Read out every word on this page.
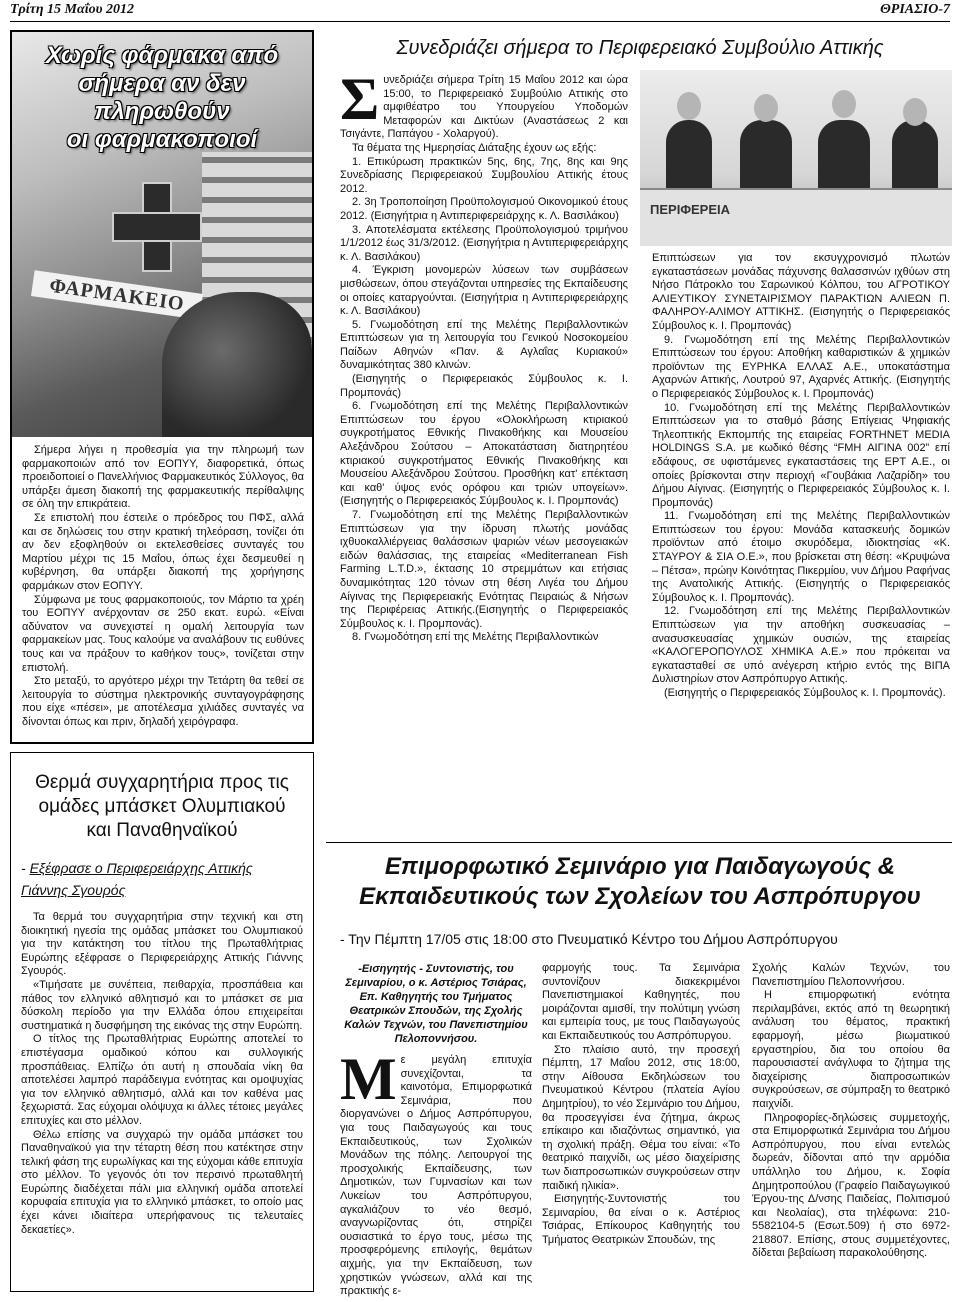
Τρίτη 15 Μαΐου 2012	ΘΡΙΑΣΙΟ-7
ΦΑΡΜΑΚΕΙΟ
Χωρίς φάρμακα από
σήμερα αν δεν πληρωθούν
οι φαρμακοποιοί

Σήμερα λήγει η προθεσμία για την πληρωμή των φαρμακοποιών από τον ΕΟΠΥΥ, διαφορετικά, όπως προειδοποιεί ο Πανελλήνιος Φαρμακευτικός Σύλλογος, θα υπάρξει άμεση διακοπή της φαρμακευτικής περίθαλψης σε όλη την επικράτεια.

Σε επιστολή που έστειλε ο πρόεδρος του ΠΦΣ, αλλά και σε δηλώσεις του στην κρατική τηλεόραση, τονίζει ότι αν δεν εξοφληθούν οι εκτελεσθείσες συνταγές του Μαρτίου μέχρι τις 15 Μαΐου, όπως έχει δεσμευθεί η κυβέρνηση, θα υπάρξει διακοπή της χορήγησης φαρμάκων στον ΕΟΠΥΥ.

Σύμφωνα με τους φαρμακοποιούς, τον Μάρτιο τα χρέη του ΕΟΠΥΥ ανέρχονταν σε 250 εκατ. ευρώ. «Είναι αδύνατον να συνεχιστεί η ομαλή λειτουργία των φαρμακείων μας. Τους καλούμε να αναλάβουν τις ευθύνες τους και να πράξουν το καθήκον τους», τονίζεται στην επιστολή.

Στο μεταξύ, το αργότερο μέχρι την Τετάρτη θα τεθεί σε λειτουργία το σύστημα ηλεκτρονικής συνταγογράφησης που είχε «πέσει», με αποτέλεσμα χιλιάδες συνταγές να δίνονται όπως και πριν, δηλαδή χειρόγραφα.

Θερμά συγχαρητήρια προς τις
ομάδες μπάσκετ Ολυμπιακού
και Παναθηναϊκού
- Εξέφρασε ο Περιφερειάρχης Αττικής
Γιάννης Σγουρός

Τα θερμά του συγχαρητήρια στην τεχνική και στη διοικητική ηγεσία της ομάδας μπάσκετ του Ολυμπιακού για την κατάκτηση του τίτλου της Πρωταθλήτριας Ευρώπης εξέφρασε ο Περιφερειάρχης Αττικής Γιάννης Σγουρός.

«Τιμήσατε με συνέπεια, πειθαρχία, προσπάθεια και πάθος τον ελληνικό αθλητισμό και το μπάσκετ σε μια δύσκολη περίοδο για την Ελλάδα όπου επιχειρείται συστηματικά η δυσφήμηση της εικόνας της στην Ευρώπη.

Ο τίτλος της Πρωταθλήτριας Ευρώπης αποτελεί το επιστέγασμα ομαδικού κόπου και συλλογικής προσπάθειας. Ελπίζω ότι αυτή η σπουδαία νίκη θα αποτελέσει λαμπρό παράδειγμα ενότητας και ομοψυχίας για τον ελληνικό αθλητισμό, αλλά και τον καθένα μας ξεχωριστά. Σας εύχομαι ολόψυχα κι άλλες τέτοιες μεγάλες επιτυχίες και στο μέλλον.

Θέλω επίσης να συγχαρώ την ομάδα μπάσκετ του Παναθηναϊκού για την τέταρτη θέση που κατέκτησε στην τελική φάση της ευρωλίγκας και της εύχομαι κάθε επιτυχία στο μέλλον. Το γεγονός ότι τον περσινό πρωταθλητή Ευρώπης διαδέχεται πάλι μια ελληνική ομάδα αποτελεί κορυφαία επιτυχία για το ελληνικό μπάσκετ, το οποίο μας έχει κάνει ιδιαίτερα υπερήφανους τις τελευταίες δεκαετίες».

Συνεδριάζει σήμερα το Περιφερειακό Συμβούλιο Αττικής

Συνεδριάζει σήμερα Τρίτη 15 Μαΐου 2012 και ώρα 15:00, το Περιφερειακό Συμβούλιο Αττικής στο αμφιθέατρο του Υπουργείου Υποδομών Μεταφορών και Δικτύων (Αναστάσεως 2 και Τσιγάντε, Παπάγου - Χολαργού).

Τα θέματα της Ημερησίας Διάταξης έχουν ως εξής:

1. Επικύρωση πρακτικών 5ης, 6ης, 7ης, 8ης και 9ης Συνεδρίασης Περιφερειακού Συμβουλίου Αττικής έτους 2012.

2. 3η Τροποποίηση Προϋπολογισμού Οικονομικού έτους 2012. (Εισηγήτρια η Αντιπεριφερειάρχης κ. Λ. Βασιλάκου)

3. Αποτελέσματα εκτέλεσης Προϋπολογισμού τριμήνου 1/1/2012 έως 31/3/2012. (Εισηγήτρια η Αντιπεριφερειάρχης κ. Λ. Βασιλάκου)

4. Έγκριση μονομερών λύσεων των συμβάσεων μισθώσεων, όπου στεγάζονται υπηρεσίες της Εκπαίδευσης οι οποίες καταργούνται. (Εισηγήτρια η Αντιπεριφερειάρχης κ. Λ. Βασιλάκου)

5. Γνωμοδότηση επί της Μελέτης Περιβαλλοντικών Επιπτώσεων για τη λειτουργία του Γενικού Νοσοκομείου Παίδων Αθηνών «Παν. & Αγλαΐας Κυριακού» δυναμικότητας 380 κλινών.

(Εισηγητής ο Περιφερειακός Σύμβουλος κ. Ι. Προμπονάς)

6. Γνωμοδότηση επί της Μελέτης Περιβαλλοντικών Επιπτώσεων του έργου «Ολοκλήρωση κτιριακού συγκροτήματος Εθνικής Πινακοθήκης και Μουσείου Αλεξάνδρου Σούτσου – Αποκατάσταση διατηρητέου κτιριακού συγκροτήματος Εθνικής Πινακοθήκης και Μουσείου Αλεξάνδρου Σούτσου. Προσθήκη κατ' επέκταση και καθ' ύψος ενός ορόφου και τριών υπογείων». (Εισηγητής ο Περιφερειακός Σύμβουλος κ. Ι. Προμπονάς)

7. Γνωμοδότηση επί της Μελέτης Περιβαλλοντικών Επιπτώσεων για την ίδρυση πλωτής μονάδας ιχθυοκαλλιέργειας θαλάσσιων ψαριών νέων μεσογειακών ειδών θαλάσσιας, της εταιρείας «Mediterranean Fish Farming L.T.D.», έκτασης 10 στρεμμάτων και ετήσιας δυναμικότητας 120 τόνων στη θέση Λιγέα του Δήμου Αίγινας της Περιφερειακής Ενότητας Πειραιώς & Νήσων της Περιφέρειας Αττικής.(Εισηγητής ο Περιφερειακός Σύμβουλος κ. Ι. Προμπονάς).

8. Γνωμοδότηση επί της Μελέτης Περιβαλλοντικών

ΠΕΡΙΦΕΡΕΙΑ

Επιπτώσεων για τον εκσυγχρονισμό πλωτών εγκαταστάσεων μονάδας πάχυνσης θαλασσινών ιχθύων στη Νήσο Πάτροκλο του Σαρωνικού Κόλπου, του ΑΓΡΟΤΙΚΟΥ ΑΛΙΕΥΤΙΚΟΥ ΣΥΝΕΤΑΙΡΙΣΜΟΥ ΠΑΡΑΚΤΙΩΝ ΑΛΙΕΩΝ Π. ΦΑΛΗΡΟΥ-ΑΛΙΜΟΥ ΑΤΤΙΚΗΣ. (Εισηγητής ο Περιφερειακός Σύμβουλος κ. Ι. Προμπονάς)

9. Γνωμοδότηση επί της Μελέτης Περιβαλλοντικών Επιπτώσεων του έργου: Αποθήκη καθαριστικών & χημικών προϊόντων της ΕΥΡΗΚΑ ΕΛΛΑΣ Α.Ε., υποκατάστημα Αχαρνών Αττικής, Λουτρού 97, Αχαρνές Αττικής. (Εισηγητής ο Περιφερειακός Σύμβουλος κ. Ι. Προμπονάς)

10. Γνωμοδότηση επί της Μελέτης Περιβαλλοντικών Επιπτώσεων για το σταθμό βάσης Επίγειας Ψηφιακής Τηλεοπτικής Εκπομπής της εταιρείας FORTHNET MEDIA HOLDINGS S.A. με κωδικό θέσης “FMH ΑΙΓΙΝΑ 002” επί εδάφους, σε υφιστάμενες εγκαταστάσεις της ΕΡΤ Α.Ε., οι οποίες βρίσκονται στην περιοχή «Γουβάκια Λαζαρίδη» του Δήμου Αίγινας. (Εισηγητής ο Περιφερειακός Σύμβουλος κ. Ι. Προμπονάς)

11. Γνωμοδότηση επί της Μελέτης Περιβαλλοντικών Επιπτώσεων του έργου: Μονάδα κατασκευής δομικών προϊόντων από έτοιμο σκυρόδεμα, ιδιοκτησίας «Κ. ΣΤΑΥΡΟΥ & ΣΙΑ Ο.Ε.», που βρίσκεται στη θέση: «Κρυψώνα – Πέτσα», πρώην Κοινότητας Πικερμίου, νυν Δήμου Ραφήνας της Ανατολικής Αττικής. (Εισηγητής ο Περιφερειακός Σύμβουλος κ. Ι. Προμπονάς).

12. Γνωμοδότηση επί της Μελέτης Περιβαλλοντικών Επιπτώσεων για την αποθήκη συσκευασίας – ανασυσκευασίας χημικών ουσιών, της εταιρείας «ΚΑΛΟΓΕΡΟΠΟΥΛΟΣ ΧΗΜΙΚΑ Α.Ε.» που πρόκειται να εγκατασταθεί σε υπό ανέγερση κτήριο εντός της ΒΙΠΑ Δυλιστηρίων στον Ασπρόπυργο Αττικής.

(Εισηγητής ο Περιφερειακός Σύμβουλος κ. Ι. Προμπονάς).

Επιμορφωτικό Σεμινάριο για Παιδαγωγούς &
Εκπαιδευτικούς των Σχολείων του Ασπρόπυργου
- Την Πέμπτη 17/05 στις 18:00 στο Πνευματικό Κέντρο του Δήμου Ασπρόπυργου

-Εισηγητής - Συντονιστής, του Σεμιναρίου, ο κ. Αστέριος Τσιάρας, Επ. Καθηγητής του Τμήματος Θεατρικών Σπουδών, της Σχολής Καλών Τεχνών, του Πανεπιστημίου Πελοποννήσου.

Με μεγάλη επιτυχία συνεχίζονται, τα καινοτόμα, Επιμορφωτικά Σεμινάρια, που διοργανώνει ο Δήμος Ασπρόπυργου, για τους Παιδαγωγούς και τους Εκπαιδευτικούς, των Σχολικών Μονάδων της πόλης. Λειτουργοί της προσχολικής Εκπαίδευσης, των Δημοτικών, των Γυμνασίων και των Λυκείων του Ασπρόπυργου, αγκαλιάζουν το νέο θεσμό, αναγνωρίζοντας ότι, στηρίζει ουσιαστικά το έργο τους, μέσω της προσφερόμενης επιλογής, θεμάτων αιχμής, για την Εκπαίδευση, των χρηστικών γνώσεων, αλλά και της πρακτικής ε-

φαρμογής τους. Τα Σεμινάρια συντονίζουν διακεκριμένοι Πανεπιστημιακοί Καθηγητές, που μοιράζονται αμισθί, την πολύτιμη γνώση και εμπειρία τους, με τους Παιδαγωγούς και Εκπαιδευτικούς του Ασπρόπυργου.

Στο πλαίσιο αυτό, την προσεχή Πέμπτη, 17 Μαΐου 2012, στις 18:00, στην Αίθουσα Εκδηλώσεων του Πνευματικού Κέντρου (πλατεία Αγίου Δημητρίου), το νέο Σεμινάριο του Δήμου, θα προσεγγίσει ένα ζήτημα, άκρως επίκαιρο και ιδιαζόντως σημαντικό, για τη σχολική πράξη. Θέμα του είναι: «Το θεατρικό παιχνίδι, ως μέσο διαχείρισης των διαπροσωπικών συγκρούσεων στην παιδική ηλικία».

Εισηγητής-Συντονιστής του Σεμιναρίου, θα είναι ο κ. Αστέριος Τσιάρας, Επίκουρος Καθηγητής του Τμήματος Θεατρικών Σπουδών, της

Σχολής Καλών Τεχνών, του Πανεπιστημίου Πελοποννήσου.

Η επιμορφωτική ενότητα περιλαμβάνει, εκτός από τη θεωρητική ανάλυση του θέματος, πρακτική εφαρμογή, μέσω βιωματικού εργαστηρίου, δια του οποίου θα παρουσιαστεί ανάγλυφα το ζήτημα της διαχείρισης διαπροσωπικών συγκρούσεων, σε σύμπραξη το θεατρικό παιχνίδι.

Πληροφορίες-δηλώσεις συμμετοχής, στα Επιμορφωτικά Σεμινάρια του Δήμου Ασπρόπυργου, που είναι εντελώς δωρεάν, δίδονται από την αρμόδια υπάλληλο του Δήμου, κ. Σοφία Δημητροπούλου (Γραφείο Παιδαγωγικού Έργου-της Δ/νσης Παιδείας, Πολιτισμού και Νεολαίας), στα τηλέφωνα: 210- 5582104-5 (Εσωτ.509) ή στο 6972-218807. Επίσης, στους συμμετέχοντες, δίδεται βεβαίωση παρακολούθησης.
